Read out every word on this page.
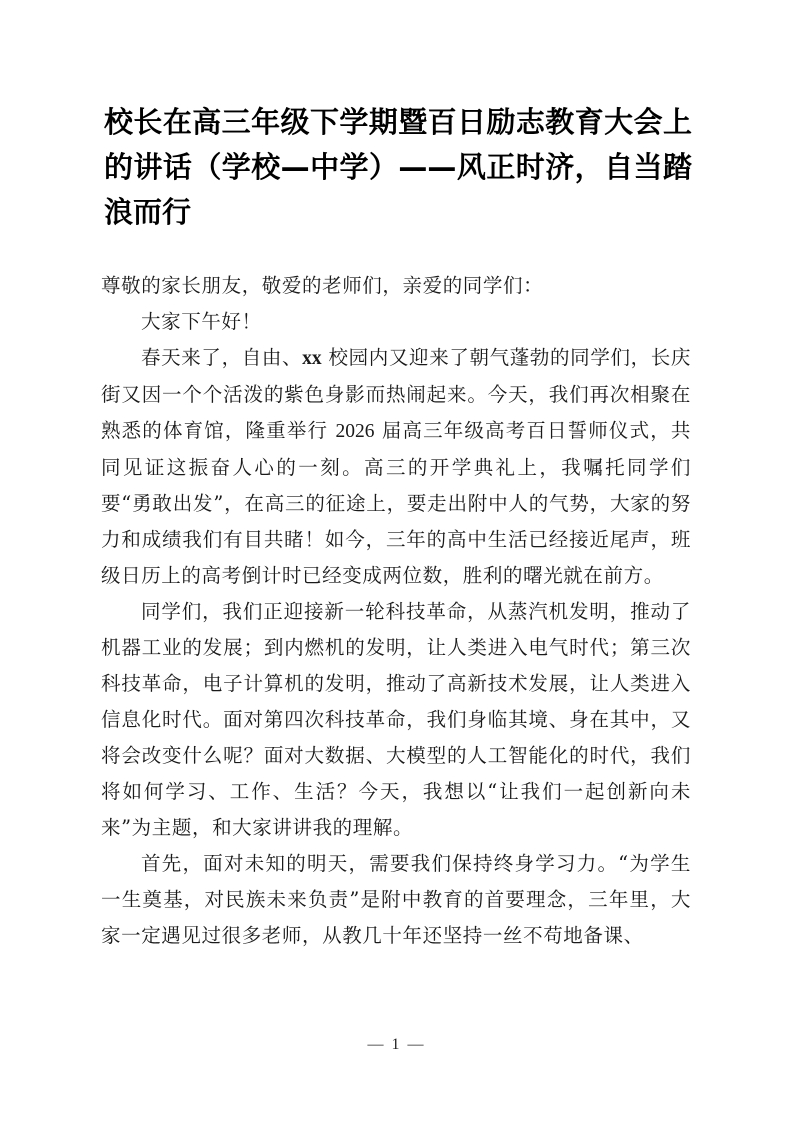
校长在高三年级下学期暨百日励志教育大会上的讲话（学校—中学）——风正时济，自当踏浪而行

尊敬的家长朋友，敬爱的老师们，亲爱的同学们：

大家下午好！

春天来了，自由、xx 校园内又迎来了朝气蓬勃的同学们，长庆街又因一个个活泼的紫色身影而热闹起来。今天，我们再次相聚在熟悉的体育馆，隆重举行 2026 届高三年级高考百日誓师仪式，共同见证这振奋人心的一刻。高三的开学典礼上，我嘱托同学们要“勇敢出发”，在高三的征途上，要走出附中人的气势，大家的努力和成绩我们有目共睹！如今，三年的高中生活已经接近尾声，班级日历上的高考倒计时已经变成两位数，胜利的曙光就在前方。

同学们，我们正迎接新一轮科技革命，从蒸汽机发明，推动了机器工业的发展；到内燃机的发明，让人类进入电气时代；第三次科技革命，电子计算机的发明，推动了高新技术发展，让人类进入信息化时代。面对第四次科技革命，我们身临其境、身在其中，又将会改变什么呢？面对大数据、大模型的人工智能化的时代，我们将如何学习、工作、生活？今天，我想以“让我们一起创新向未来”为主题，和大家讲讲我的理解。

首先，面对未知的明天，需要我们保持终身学习力。“为学生一生奠基，对民族未来负责”是附中教育的首要理念，三年里，大家一定遇见过很多老师，从教几十年还坚持一丝不苟地备课、

— 1 —
